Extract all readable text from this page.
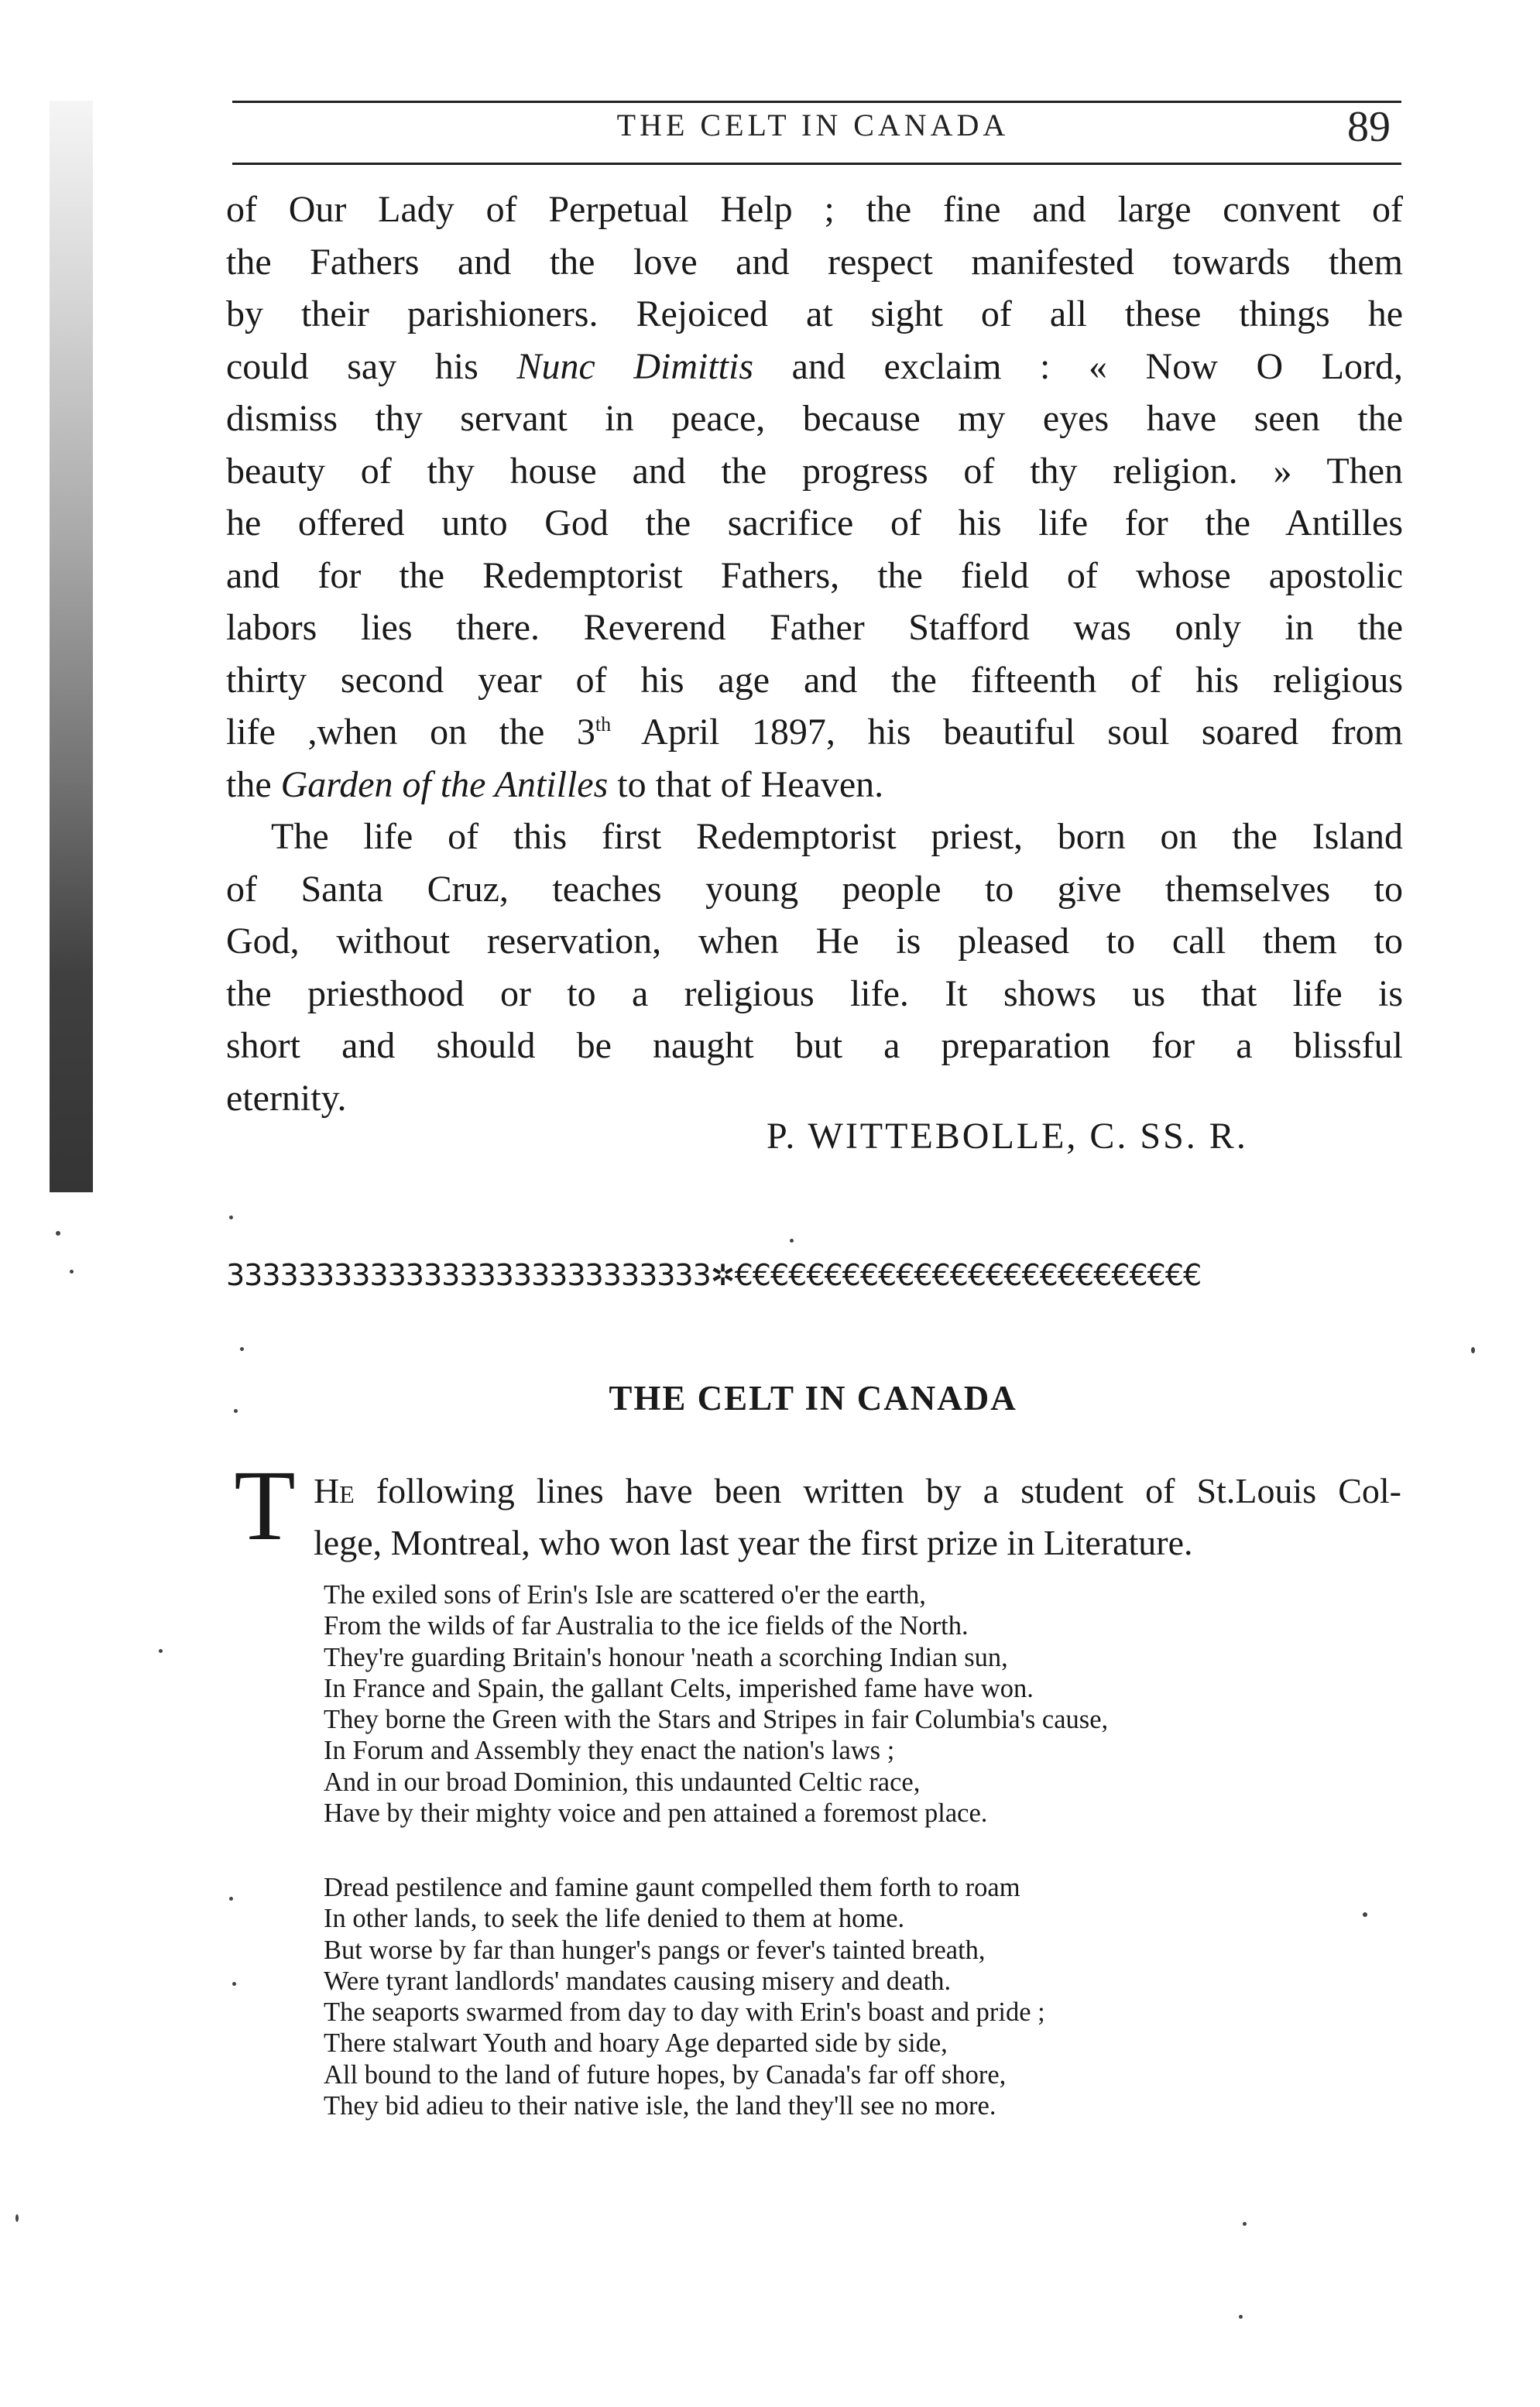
THE CELT IN CANADA	89
of Our Lady of Perpetual Help ; the fine and large convent of
the Fathers and the love and respect manifested towards them
by their parishioners. Rejoiced at sight of all these things he
could say his Nunc Dimittis and exclaim : « Now O Lord,
dismiss thy servant in peace, because my eyes have seen the
beauty of thy house and the progress of thy religion. » Then
he offered unto God the sacrifice of his life for the Antilles
and for the Redemptorist Fathers, the field of whose apostolic
labors lies there. Reverend Father Stafford was only in the
thirty second year of his age and the fifteenth of his religious
life ,when on the 3th April 1897, his beautiful soul soared from
the Garden of the Antilles to that of Heaven.
The life of this first Redemptorist priest, born on the Island
of Santa Cruz, teaches young people to give themselves to
God, without reservation, when He is pleased to call them to
the priesthood or to a religious life. It shows us that life is
short and should be naught but a preparation for a blissful
eternity.
P. WITTEBOLLE, C. SS. R.
333333333333333333333333333✲€€€€€€€€€€€€€€€€€€€€€€€€€€
THE CELT IN CANADA
T He following lines have been written by a student of St.Louis Col-
lege, Montreal, who won last year the first prize in Literature.
The exiled sons of Erin's Isle are scattered o'er the earth,
From the wilds of far Australia to the ice fields of the North.
They're guarding Britain's honour 'neath a scorching Indian sun,
In France and Spain, the gallant Celts, imperished fame have won.
They borne the Green with the Stars and Stripes in fair Columbia's cause,
In Forum and Assembly they enact the nation's laws ;
And in our broad Dominion, this undaunted Celtic race,
Have by their mighty voice and pen attained a foremost place.
Dread pestilence and famine gaunt compelled them forth to roam
In other lands, to seek the life denied to them at home.
But worse by far than hunger's pangs or fever's tainted breath,
Were tyrant landlords' mandates causing misery and death.
The seaports swarmed from day to day with Erin's boast and pride ;
There stalwart Youth and hoary Age departed side by side,
All bound to the land of future hopes, by Canada's far off shore,
They bid adieu to their native isle, the land they'll see no more.
